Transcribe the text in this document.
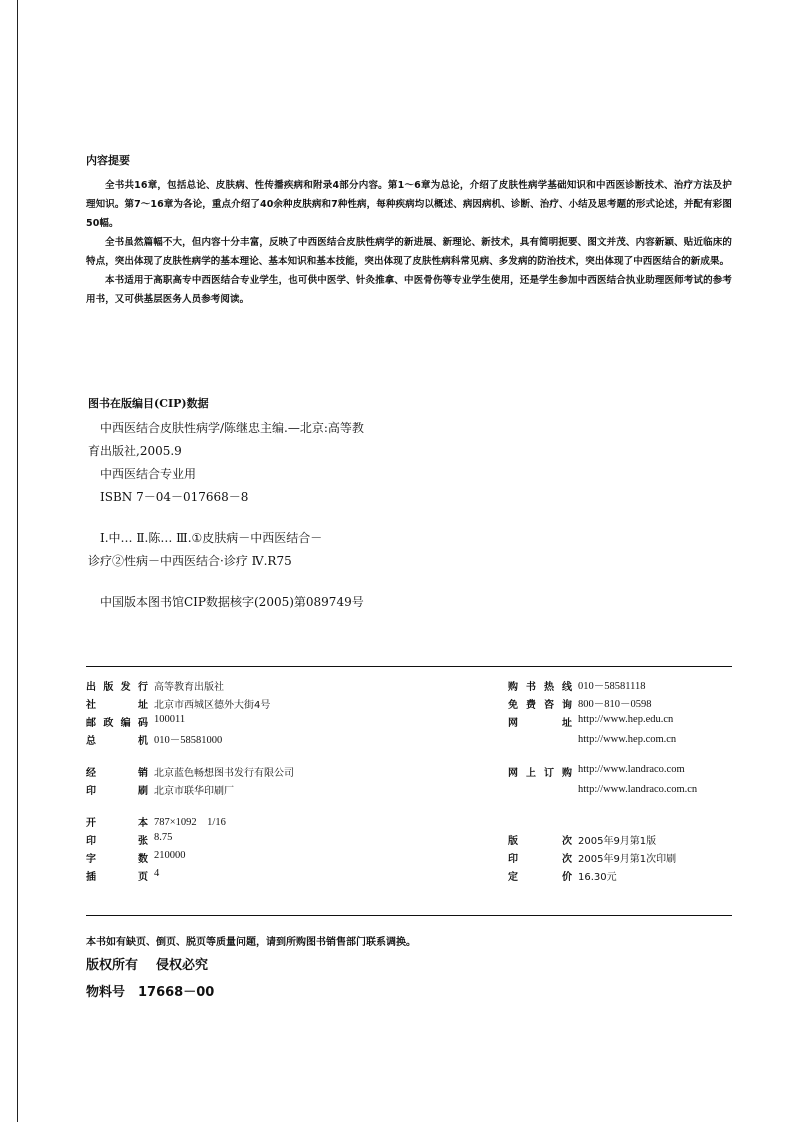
内容提要

全书共16章，包括总论、皮肤病、性传播疾病和附录4部分内容。第1～6章为总论，介绍了皮肤性病学基础知识和中西医诊断技术、治疗方法及护理知识。第7～16章为各论，重点介绍了40余种皮肤病和7种性病，每种疾病均以概述、病因病机、诊断、治疗、小结及思考题的形式论述，并配有彩图50幅。

全书虽然篇幅不大，但内容十分丰富，反映了中西医结合皮肤性病学的新进展、新理论、新技术，具有简明扼要、图文并茂、内容新颖、贴近临床的特点，突出体现了皮肤性病学的基本理论、基本知识和基本技能，突出体现了皮肤性病科常见病、多发病的防治技术，突出体现了中西医结合的新成果。

本书适用于高职高专中西医结合专业学生，也可供中医学、针灸推拿、中医骨伤等专业学生使用，还是学生参加中西医结合执业助理医师考试的参考用书，又可供基层医务人员参考阅读。

图书在版编目(CIP)数据
中西医结合皮肤性病学/陈继忠主编.—北京:高等教
育出版社,2005.9
中西医结合专业用
ISBN 7－04－017668－8
Ⅰ.中… Ⅱ.陈… Ⅲ.①皮肤病－中西医结合－
诊疗②性病－中西医结合·诊疗 Ⅳ.R75
中国版本图书馆CIP数据核字(2005)第089749号
出版发行 高等教育出版社	购书热线 010－58581118
社　　址 北京市西城区德外大街4号	免费咨询 800－810－0598
邮政编码 100011	网　　址 http://www.hep.edu.cn
总　　机 010－58581000	http://www.hep.com.cn
经　　销 北京蓝色畅想图书发行有限公司	网上订购 http://www.landraco.com
印　　刷 北京市联华印刷厂	http://www.landraco.com.cn
开　　本 787×1092　1/16
印　　张 8.75	版　　次 2005年9月第1版
字　　数 210000	印　　次 2005年9月第1次印刷
插　　页 4	定　　价 16.30元
本书如有缺页、倒页、脱页等质量问题，请到所购图书销售部门联系调换。
版权所有 侵权必究
物料号　17668－00
